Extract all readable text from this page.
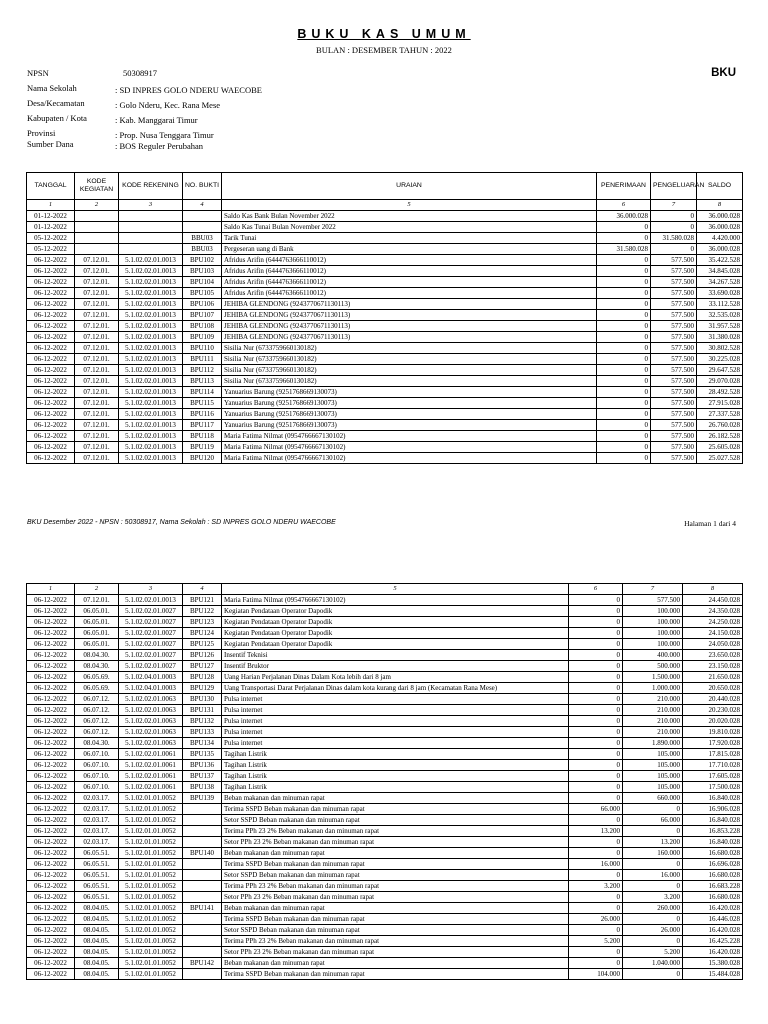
BUKU KAS UMUM
BULAN : DESEMBER TAHUN : 2022
BKU
NPSN	50308917
Nama Sekolah	: SD INPRES GOLO NDERU WAECOBE
Desa/Kecamatan	: Golo Nderu, Kec. Rana Mese
Kabupaten / Kota	: Kab. Manggarai Timur
Provinsi	: Prop. Nusa Tenggara Timur
Sumber Dana	: BOS Reguler Perubahan
TANGGAL	KODE KEGIATAN	KODE REKENING	NO. BUKTI	URAIAN	PENERIMAAN	PENGELUARAN	SALDO
1	2	3	4	5	6	7	8
01-12-2022				Saldo Kas Bank Bulan November 2022	36.000.028	0	36.000.028
01-12-2022				Saldo Kas Tunai Bulan November 2022	0	0	36.000.028
05-12-2022			BBU03	Tarik Tunai	0	31.580.028	4.420.000
05-12-2022			BBU03	Pergeseran uang di Bank	31.580.028	0	36.000.028
06-12-2022	07.12.01.	5.1.02.02.01.0013	BPU102	Afridus Arifin (6444763666110012)	0	577.500	35.422.528
06-12-2022	07.12.01.	5.1.02.02.01.0013	BPU103	Afridus Arifin (6444763666110012)	0	577.500	34.845.028
06-12-2022	07.12.01.	5.1.02.02.01.0013	BPU104	Afridus Arifin (6444763666110012)	0	577.500	34.267.528
06-12-2022	07.12.01.	5.1.02.02.01.0013	BPU105	Afridus Arifin (6444763666110012)	0	577.500	33.690.028
06-12-2022	07.12.01.	5.1.02.02.01.0013	BPU106	JEHIBA GLENDONG (9243770671130113)	0	577.500	33.112.528
06-12-2022	07.12.01.	5.1.02.02.01.0013	BPU107	JEHIBA GLENDONG (9243770671130113)	0	577.500	32.535.028
06-12-2022	07.12.01.	5.1.02.02.01.0013	BPU108	JEHIBA GLENDONG (9243770671130113)	0	577.500	31.957.528
06-12-2022	07.12.01.	5.1.02.02.01.0013	BPU109	JEHIBA GLENDONG (9243770671130113)	0	577.500	31.380.028
06-12-2022	07.12.01.	5.1.02.02.01.0013	BPU110	Sisilia Nur (6733759660130182)	0	577.500	30.802.528
06-12-2022	07.12.01.	5.1.02.02.01.0013	BPU111	Sisilia Nur (6733759660130182)	0	577.500	30.225.028
06-12-2022	07.12.01.	5.1.02.02.01.0013	BPU112	Sisilia Nur (6733759660130182)	0	577.500	29.647.528
06-12-2022	07.12.01.	5.1.02.02.01.0013	BPU113	Sisilia Nur (6733759660130182)	0	577.500	29.070.028
06-12-2022	07.12.01.	5.1.02.02.01.0013	BPU114	Yanuarius Barung (9251768669130073)	0	577.500	28.492.528
06-12-2022	07.12.01.	5.1.02.02.01.0013	BPU115	Yanuarius Barung (9251768669130073)	0	577.500	27.915.028
06-12-2022	07.12.01.	5.1.02.02.01.0013	BPU116	Yanuarius Barung (9251768669130073)	0	577.500	27.337.528
06-12-2022	07.12.01.	5.1.02.02.01.0013	BPU117	Yanuarius Barung (9251768669130073)	0	577.500	26.760.028
06-12-2022	07.12.01.	5.1.02.02.01.0013	BPU118	Maria Fatima Nilmat (0954766667130102)	0	577.500	26.182.528
06-12-2022	07.12.01.	5.1.02.02.01.0013	BPU119	Maria Fatima Nilmat (0954766667130102)	0	577.500	25.605.028
06-12-2022	07.12.01.	5.1.02.02.01.0013	BPU120	Maria Fatima Nilmat (0954766667130102)	0	577.500	25.027.528
BKU Desember 2022 - NPSN : 50308917, Nama Sekolah : SD INPRES GOLO NDERU WAECOBE	Halaman 1 dari 4
1	2	3	4	5	6	7	8
06-12-2022	07.12.01.	5.1.02.02.01.0013	BPU121	Maria Fatima Nilmat (0954766667130102)	0	577.500	24.450.028
06-12-2022	06.05.01.	5.1.02.02.01.0027	BPU122	Kegiatan Pendataan Operator Dapodik	0	100.000	24.350.028
06-12-2022	06.05.01.	5.1.02.02.01.0027	BPU123	Kegiatan Pendataan Operator Dapodik	0	100.000	24.250.028
06-12-2022	06.05.01.	5.1.02.02.01.0027	BPU124	Kegiatan Pendataan Operator Dapodik	0	100.000	24.150.028
06-12-2022	06.05.01.	5.1.02.02.01.0027	BPU125	Kegiatan Pendataan Operator Dapodik	0	100.000	24.050.028
06-12-2022	08.04.30.	5.1.02.02.01.0027	BPU126	Insentif Teknisi	0	400.000	23.650.028
06-12-2022	08.04.30.	5.1.02.02.01.0027	BPU127	Insentif Bruktor	0	500.000	23.150.028
06-12-2022	06.05.69.	5.1.02.04.01.0003	BPU128	Uang Harian Perjalanan Dinas Dalam Kota lebih dari 8 jam	0	1.500.000	21.650.028
06-12-2022	06.05.69.	5.1.02.04.01.0003	BPU129	Uang Transportasi Darat Perjalanan Dinas dalam kota kurang dari 8 jam (Kecamatan Rana Mese)	0	1.000.000	20.650.028
06-12-2022	06.07.12.	5.1.02.02.01.0063	BPU130	Pulsa internet	0	210.000	20.440.028
06-12-2022	06.07.12.	5.1.02.02.01.0063	BPU131	Pulsa internet	0	210.000	20.230.028
06-12-2022	06.07.12.	5.1.02.02.01.0063	BPU132	Pulsa internet	0	210.000	20.020.028
06-12-2022	06.07.12.	5.1.02.02.01.0063	BPU133	Pulsa internet	0	210.000	19.810.028
06-12-2022	08.04.30.	5.1.02.02.01.0063	BPU134	Pulsa internet	0	1.890.000	17.920.028
06-12-2022	06.07.10.	5.1.02.02.01.0061	BPU135	Tagihan Listrik	0	105.000	17.815.028
06-12-2022	06.07.10.	5.1.02.02.01.0061	BPU136	Tagihan Listrik	0	105.000	17.710.028
06-12-2022	06.07.10.	5.1.02.02.01.0061	BPU137	Tagihan Listrik	0	105.000	17.605.028
06-12-2022	06.07.10.	5.1.02.02.01.0061	BPU138	Tagihan Listrik	0	105.000	17.500.028
06-12-2022	02.03.17.	5.1.02.01.01.0052	BPU139	Beban makanan dan minuman rapat	0	660.000	16.840.028
06-12-2022	02.03.17.	5.1.02.01.01.0052		Terima SSPD Beban makanan dan minuman rapat	66.000	0	16.906.028
06-12-2022	02.03.17.	5.1.02.01.01.0052		Setor SSPD Beban makanan dan minuman rapat	0	66.000	16.840.028
06-12-2022	02.03.17.	5.1.02.01.01.0052		Terima PPh 23 2% Beban makanan dan minuman rapat	13.200	0	16.853.228
06-12-2022	02.03.17.	5.1.02.01.01.0052		Setor PPh 23 2% Beban makanan dan minuman rapat	0	13.200	16.840.028
06-12-2022	06.05.51.	5.1.02.01.01.0052	BPU140	Beban makanan dan minuman rapat	0	160.000	16.680.028
06-12-2022	06.05.51.	5.1.02.01.01.0052		Terima SSPD Beban makanan dan minuman rapat	16.000	0	16.696.028
06-12-2022	06.05.51.	5.1.02.01.01.0052		Setor SSPD Beban makanan dan minuman rapat	0	16.000	16.680.028
06-12-2022	06.05.51.	5.1.02.01.01.0052		Terima PPh 23 2% Beban makanan dan minuman rapat	3.200	0	16.683.228
06-12-2022	06.05.51.	5.1.02.01.01.0052		Setor PPh 23 2% Beban makanan dan minuman rapat	0	3.200	16.680.028
06-12-2022	08.04.05.	5.1.02.01.01.0052	BPU141	Beban makanan dan minuman rapat	0	260.000	16.420.028
06-12-2022	08.04.05.	5.1.02.01.01.0052		Terima SSPD Beban makanan dan minuman rapat	26.000	0	16.446.028
06-12-2022	08.04.05.	5.1.02.01.01.0052		Setor SSPD Beban makanan dan minuman rapat	0	26.000	16.420.028
06-12-2022	08.04.05.	5.1.02.01.01.0052		Terima PPh 23 2% Beban makanan dan minuman rapat	5.200	0	16.425.228
06-12-2022	08.04.05.	5.1.02.01.01.0052		Setor PPh 23 2% Beban makanan dan minuman rapat	0	5.200	16.420.028
06-12-2022	08.04.05.	5.1.02.01.01.0052	BPU142	Beban makanan dan minuman rapat	0	1.040.000	15.380.028
06-12-2022	08.04.05.	5.1.02.01.01.0052		Terima SSPD Beban makanan dan minuman rapat	104.000	0	15.484.028
